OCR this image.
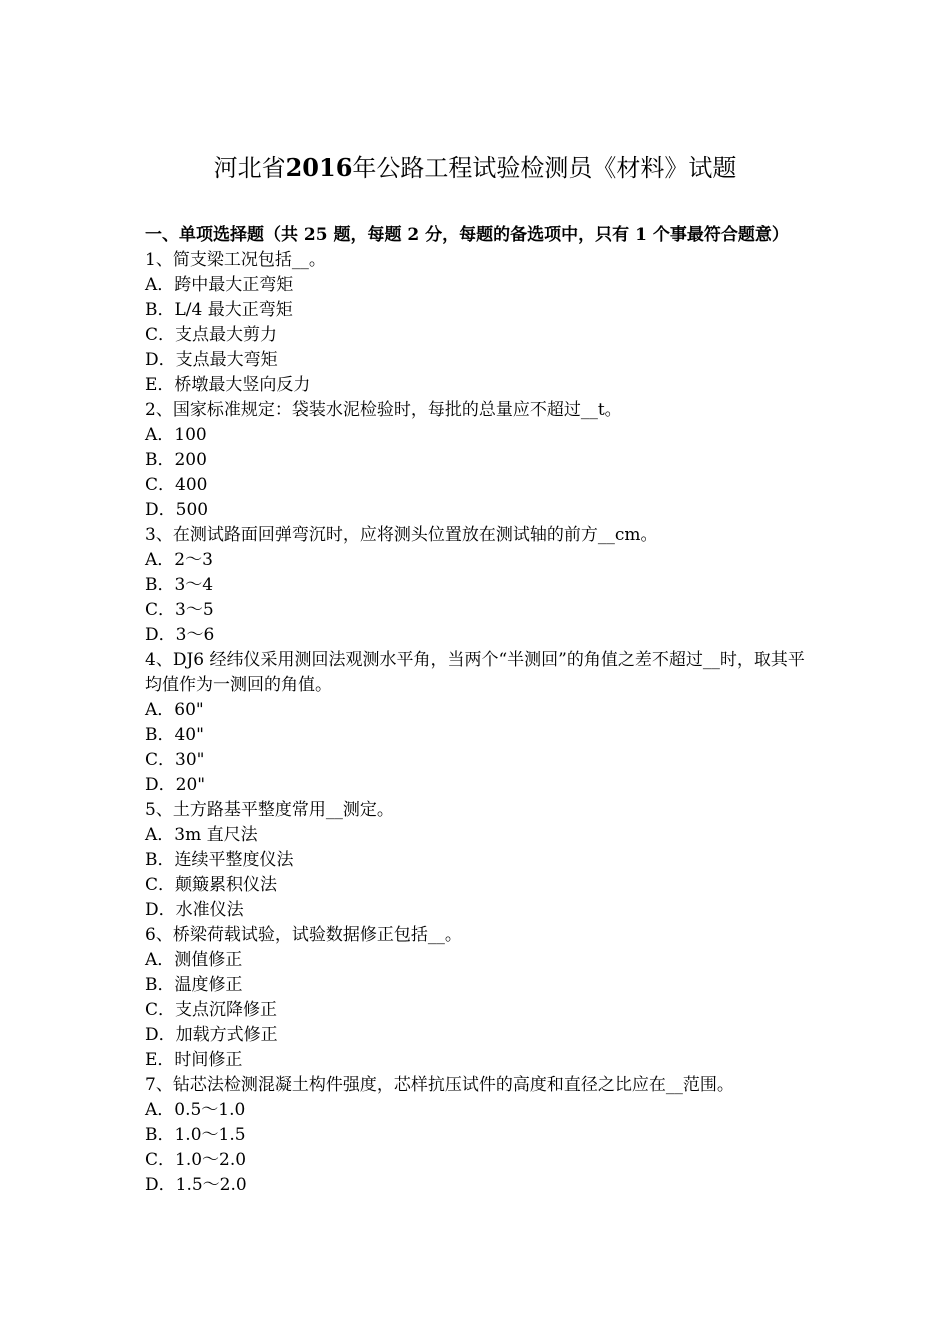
河北省2016年公路工程试验检测员《材料》试题

一、单项选择题（共 25 题，每题 2 分，每题的备选项中，只有 1 个事最符合题意）

1、简支梁工况包括__。

A．跨中最大正弯矩

B．L/4 最大正弯矩

C．支点最大剪力

D．支点最大弯矩

E．桥墩最大竖向反力

2、国家标准规定：袋装水泥检验时，每批的总量应不超过__t。

A．100

B．200

C．400

D．500

3、在测试路面回弹弯沉时，应将测头位置放在测试轴的前方__cm。

A．2～3

B．3～4

C．3～5

D．3～6

4、DJ6 经纬仪采用测回法观测水平角，当两个“半测回”的角值之差不超过__时，取其平均值作为一测回的角值。

A．60"

B．40"

C．30"

D．20"

5、土方路基平整度常用__测定。

A．3m 直尺法

B．连续平整度仪法

C．颠簸累积仪法

D．水准仪法

6、桥梁荷载试验，试验数据修正包括__。

A．测值修正

B．温度修正

C．支点沉降修正

D．加载方式修正

E．时间修正

7、钻芯法检测混凝土构件强度，芯样抗压试件的高度和直径之比应在__范围。

A．0.5～1.0

B．1.0～1.5

C．1.0～2.0

D．1.5～2.0
